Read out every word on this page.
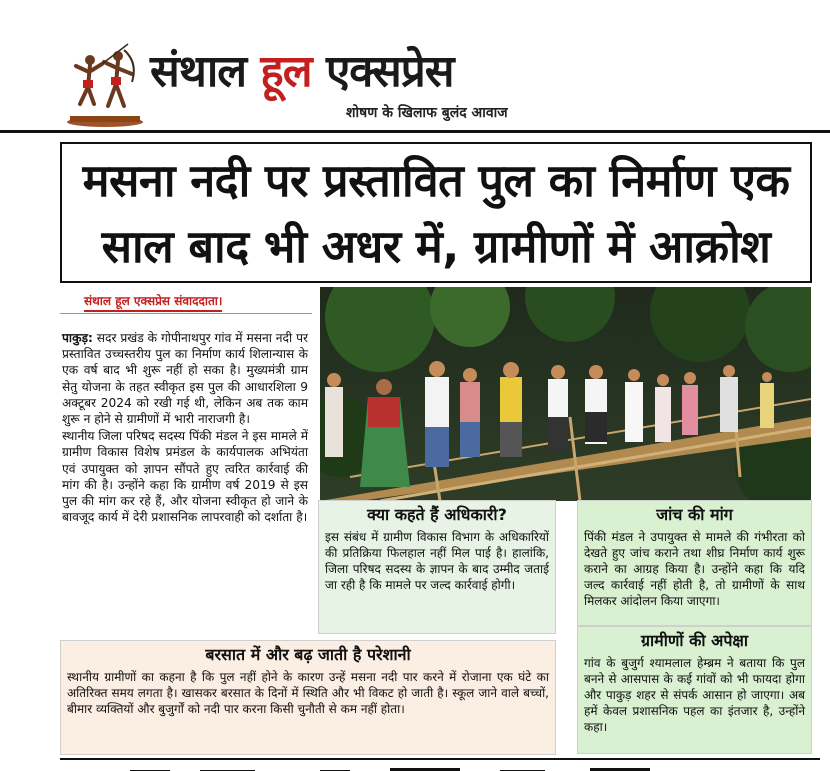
संथाल हूल एक्सप्रेस
शोषण के खिलाफ बुलंद आवाज
मसना नदी पर प्रस्तावित पुल का निर्माण एक
साल बाद भी अधर में, ग्रामीणों में आक्रोश
संथाल हूल एक्सप्रेस संवाददाता।

पाकुड़: सदर प्रखंड के गोपीनाथपुर गांव में मसना नदी पर प्रस्तावित उच्चस्तरीय पुल का निर्माण कार्य शिलान्यास के एक वर्ष बाद भी शुरू नहीं हो सका है। मुख्यमंत्री ग्राम सेतु योजना के तहत स्वीकृत इस पुल की आधारशिला 9 अक्टूबर 2024 को रखी गई थी, लेकिन अब तक काम शुरू न होने से ग्रामीणों में भारी नाराजगी है।

स्थानीय जिला परिषद सदस्य पिंकी मंडल ने इस मामले में ग्रामीण विकास विशेष प्रमंडल के कार्यपालक अभियंता एवं उपायुक्त को ज्ञापन सौंपते हुए त्वरित कार्रवाई की मांग की है। उन्होंने कहा कि ग्रामीण वर्ष 2019 से इस पुल की मांग कर रहे हैं, और योजना स्वीकृत हो जाने के बावजूद कार्य में देरी प्रशासनिक लापरवाही को दर्शाता है।	क्या कहते हैं अधिकारी?
इस संबंध में ग्रामीण विकास विभाग के अधिकारियों की प्रतिक्रिया फिलहाल नहीं मिल पाई है। हालांकि, जिला परिषद सदस्य के ज्ञापन के बाद उम्मीद जताई जा रही है कि मामले पर जल्द कार्रवाई होगी।
जांच की मांग
पिंकी मंडल ने उपायुक्त से मामले की गंभीरता को देखते हुए जांच कराने तथा शीघ्र निर्माण कार्य शुरू कराने का आग्रह किया है। उन्होंने कहा कि यदि जल्द कार्रवाई नहीं होती है, तो ग्रामीणों के साथ मिलकर आंदोलन किया जाएगा।
ग्रामीणों की अपेक्षा
गांव के बुजुर्ग श्यामलाल हेम्ब्रम ने बताया कि पुल बनने से आसपास के कई गांवों को भी फायदा होगा और पाकुड़ शहर से संपर्क आसान हो जाएगा। अब हमें केवल प्रशासनिक पहल का इंतजार है, उन्होंने कहा।
बरसात में और बढ़ जाती है परेशानी
स्थानीय ग्रामीणों का कहना है कि पुल नहीं होने के कारण उन्हें मसना नदी पार करने में रोजाना एक घंटे का अतिरिक्त समय लगता है। खासकर बरसात के दिनों में स्थिति और भी विकट हो जाती है। स्कूल जाने वाले बच्चों, बीमार व्यक्तियों और बुजुर्गों को नदी पार करना किसी चुनौती से कम नहीं होता।
